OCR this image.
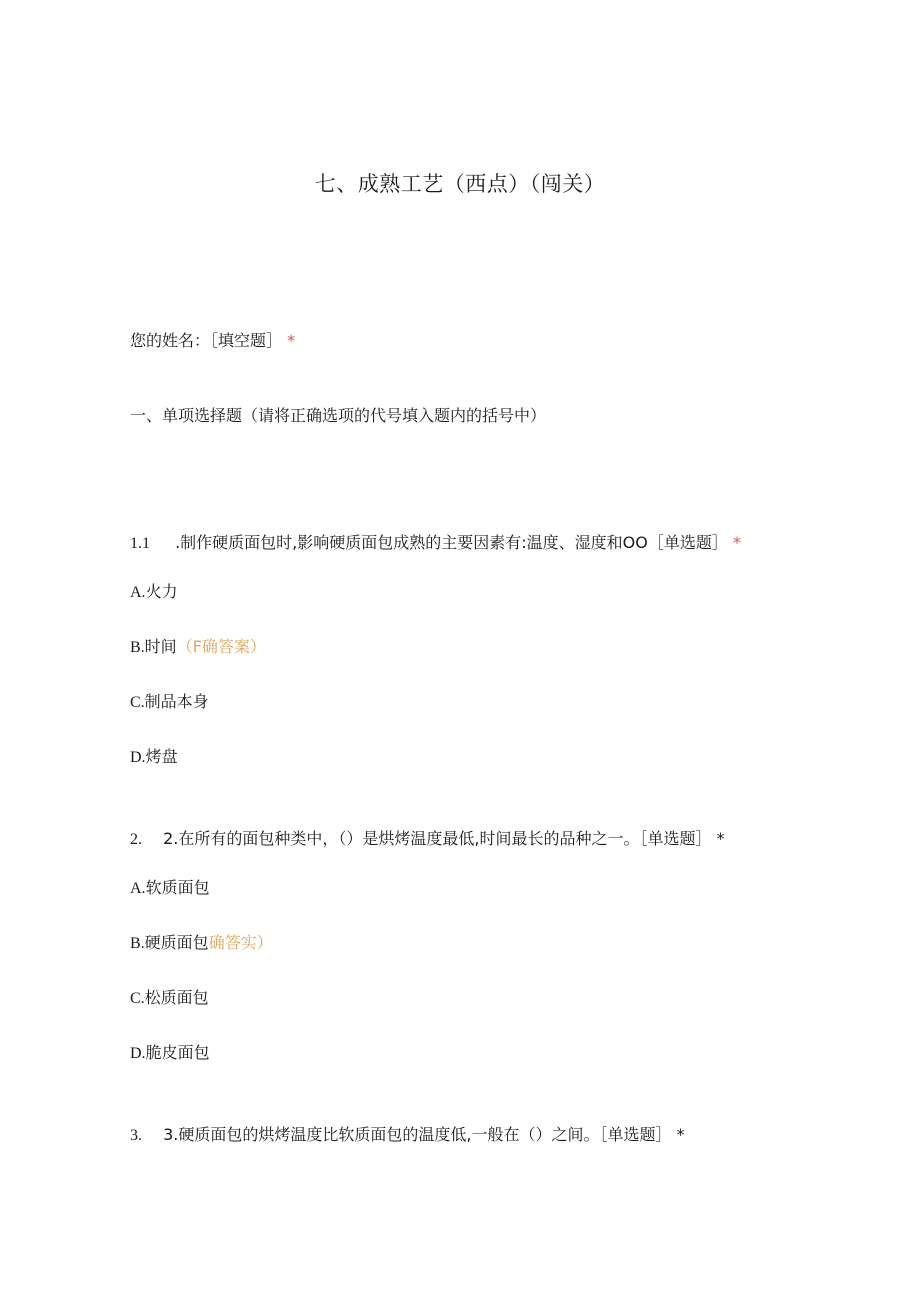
七、成熟工艺（西点）（闯关）
您的姓名：［填空题］ *
一、单项选择题（请将正确选项的代号填入题内的括号中）
1.1 .制作硬质面包时,影响硬质面包成熟的主要因素有:温度、湿度和OO［单选题］ *
A.火力
B.时间（F确答案）
C.制品本身
D.烤盘
2. 2.在所有的面包种类中，（）是烘烤温度最低,时间最长的品种之一。［单选题］ *
A.软质面包
B.硬质面包确答实）
C.松质面包
D.脆皮面包
3. 3.硬质面包的烘烤温度比软质面包的温度低,一般在（）之间。［单选题］ *
